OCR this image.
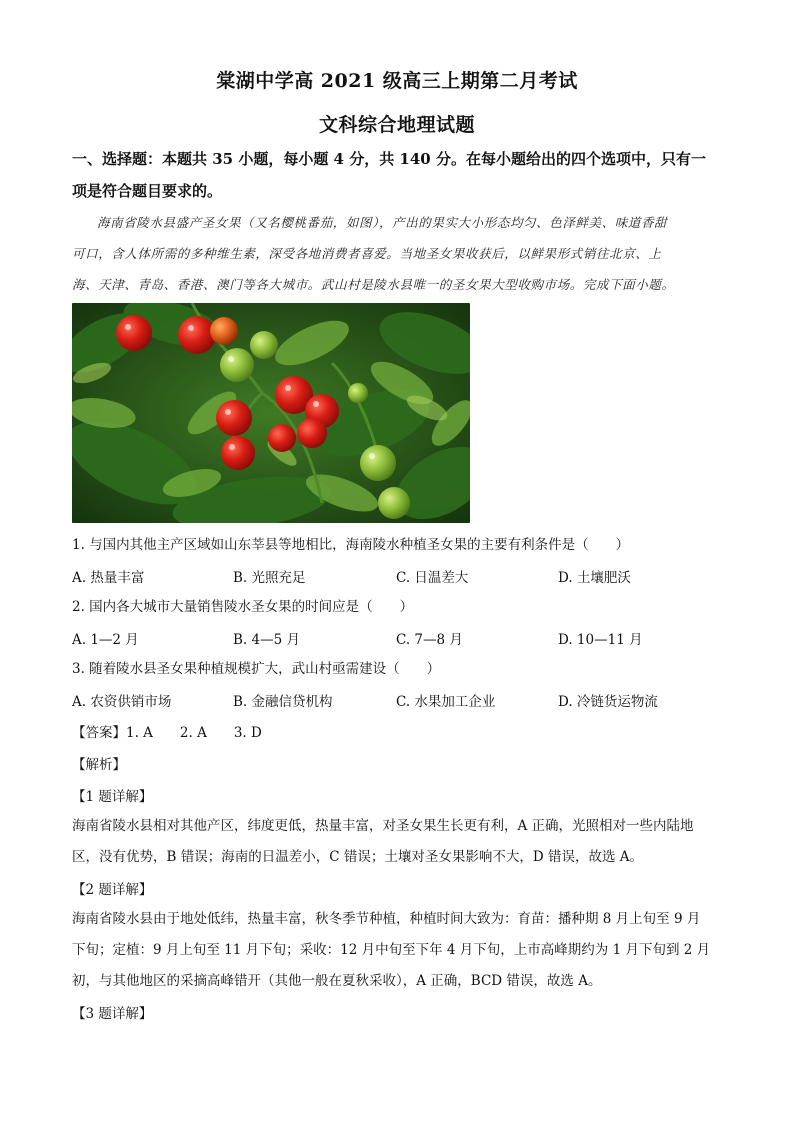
棠湖中学高 2021 级高三上期第二月考试
文科综合地理试题
一、选择题：本题共 35 小题，每小题 4 分，共 140 分。在每小题给出的四个选项中，只有一
项是符合题目要求的。
海南省陵水县盛产圣女果（又名樱桃番茄，如图），产出的果实大小形态均匀、色泽鲜美、味道香甜
可口，含人体所需的多种维生素，深受各地消费者喜爱。当地圣女果收获后，以鲜果形式销往北京、上
海、天津、青岛、香港、澳门等各大城市。武山村是陵水县唯一的圣女果大型收购市场。完成下面小题。
1. 与国内其他主产区域如山东莘县等地相比，海南陵水种植圣女果的主要有利条件是（　　）
A. 热量丰富	B. 光照充足	C. 日温差大	D. 土壤肥沃
2. 国内各大城市大量销售陵水圣女果的时间应是（　　）
A. 1—2 月	B. 4—5 月	C. 7—8 月	D. 10—11 月
3. 随着陵水县圣女果种植规模扩大，武山村亟需建设（　　）
A. 农资供销市场	B. 金融信贷机构	C. 水果加工企业	D. 冷链货运物流
【答案】1. A　　2. A　　3. D
【解析】
【1 题详解】
海南省陵水县相对其他产区，纬度更低，热量丰富，对圣女果生长更有利，A 正确，光照相对一些内陆地
区，没有优势，B 错误；海南的日温差小，C 错误；土壤对圣女果影响不大，D 错误，故选 A。
【2 题详解】
海南省陵水县由于地处低纬，热量丰富，秋冬季节种植，种植时间大致为：育苗：播种期 8 月上旬至 9 月
下旬；定植：9 月上旬至 11 月下旬；采收：12 月中旬至下年 4 月下旬，上市高峰期约为 1 月下旬到 2 月
初，与其他地区的采摘高峰错开（其他一般在夏秋采收），A 正确，BCD 错误，故选 A。
【3 题详解】
